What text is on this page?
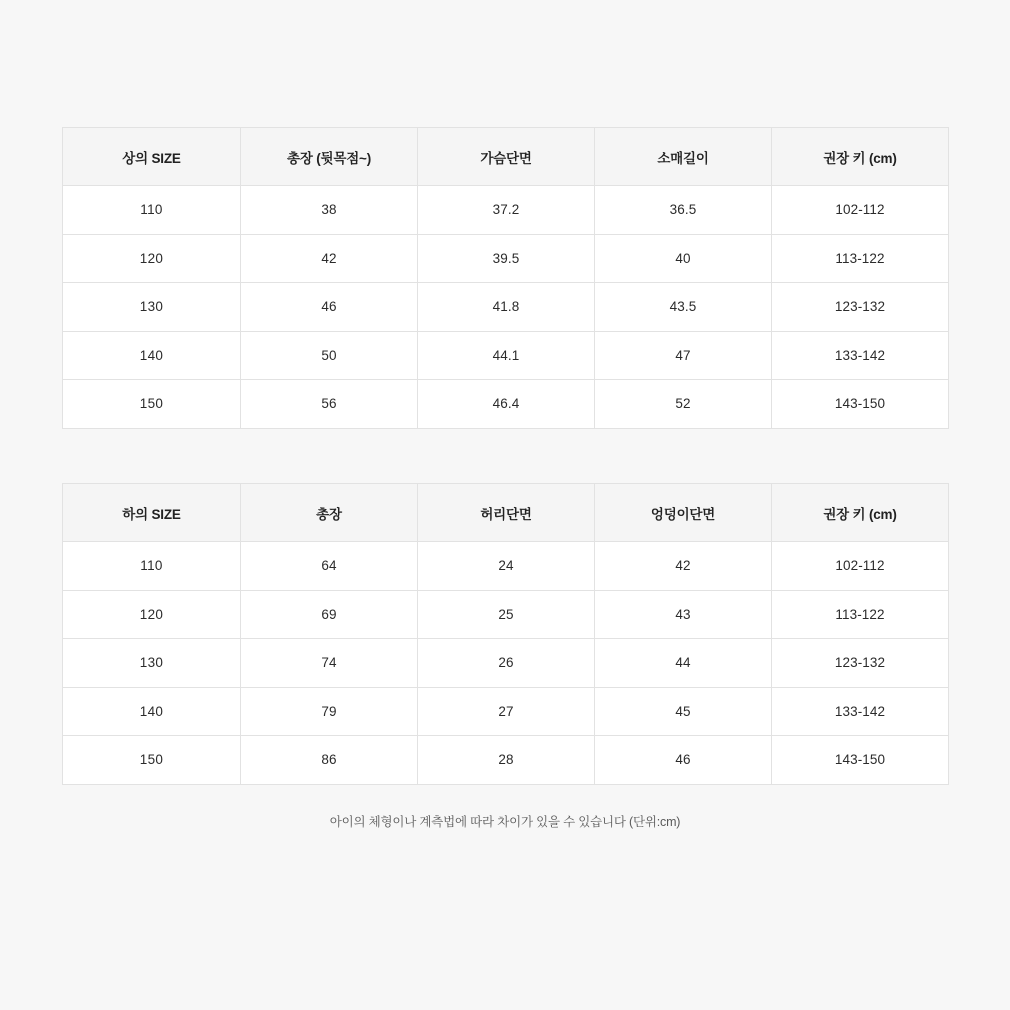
상의 SIZE	총장 (뒷목점~)	가슴단면	소매길이	권장 키 (cm)
110	38	37.2	36.5	102-112
120	42	39.5	40	113-122
130	46	41.8	43.5	123-132
140	50	44.1	47	133-142
150	56	46.4	52	143-150
하의 SIZE	총장	허리단면	엉덩이단면	권장 키 (cm)
110	64	24	42	102-112
120	69	25	43	113-122
130	74	26	44	123-132
140	79	27	45	133-142
150	86	28	46	143-150
아이의 체형이나 계측법에 따라 차이가 있을 수 있습니다 (단위:cm)
